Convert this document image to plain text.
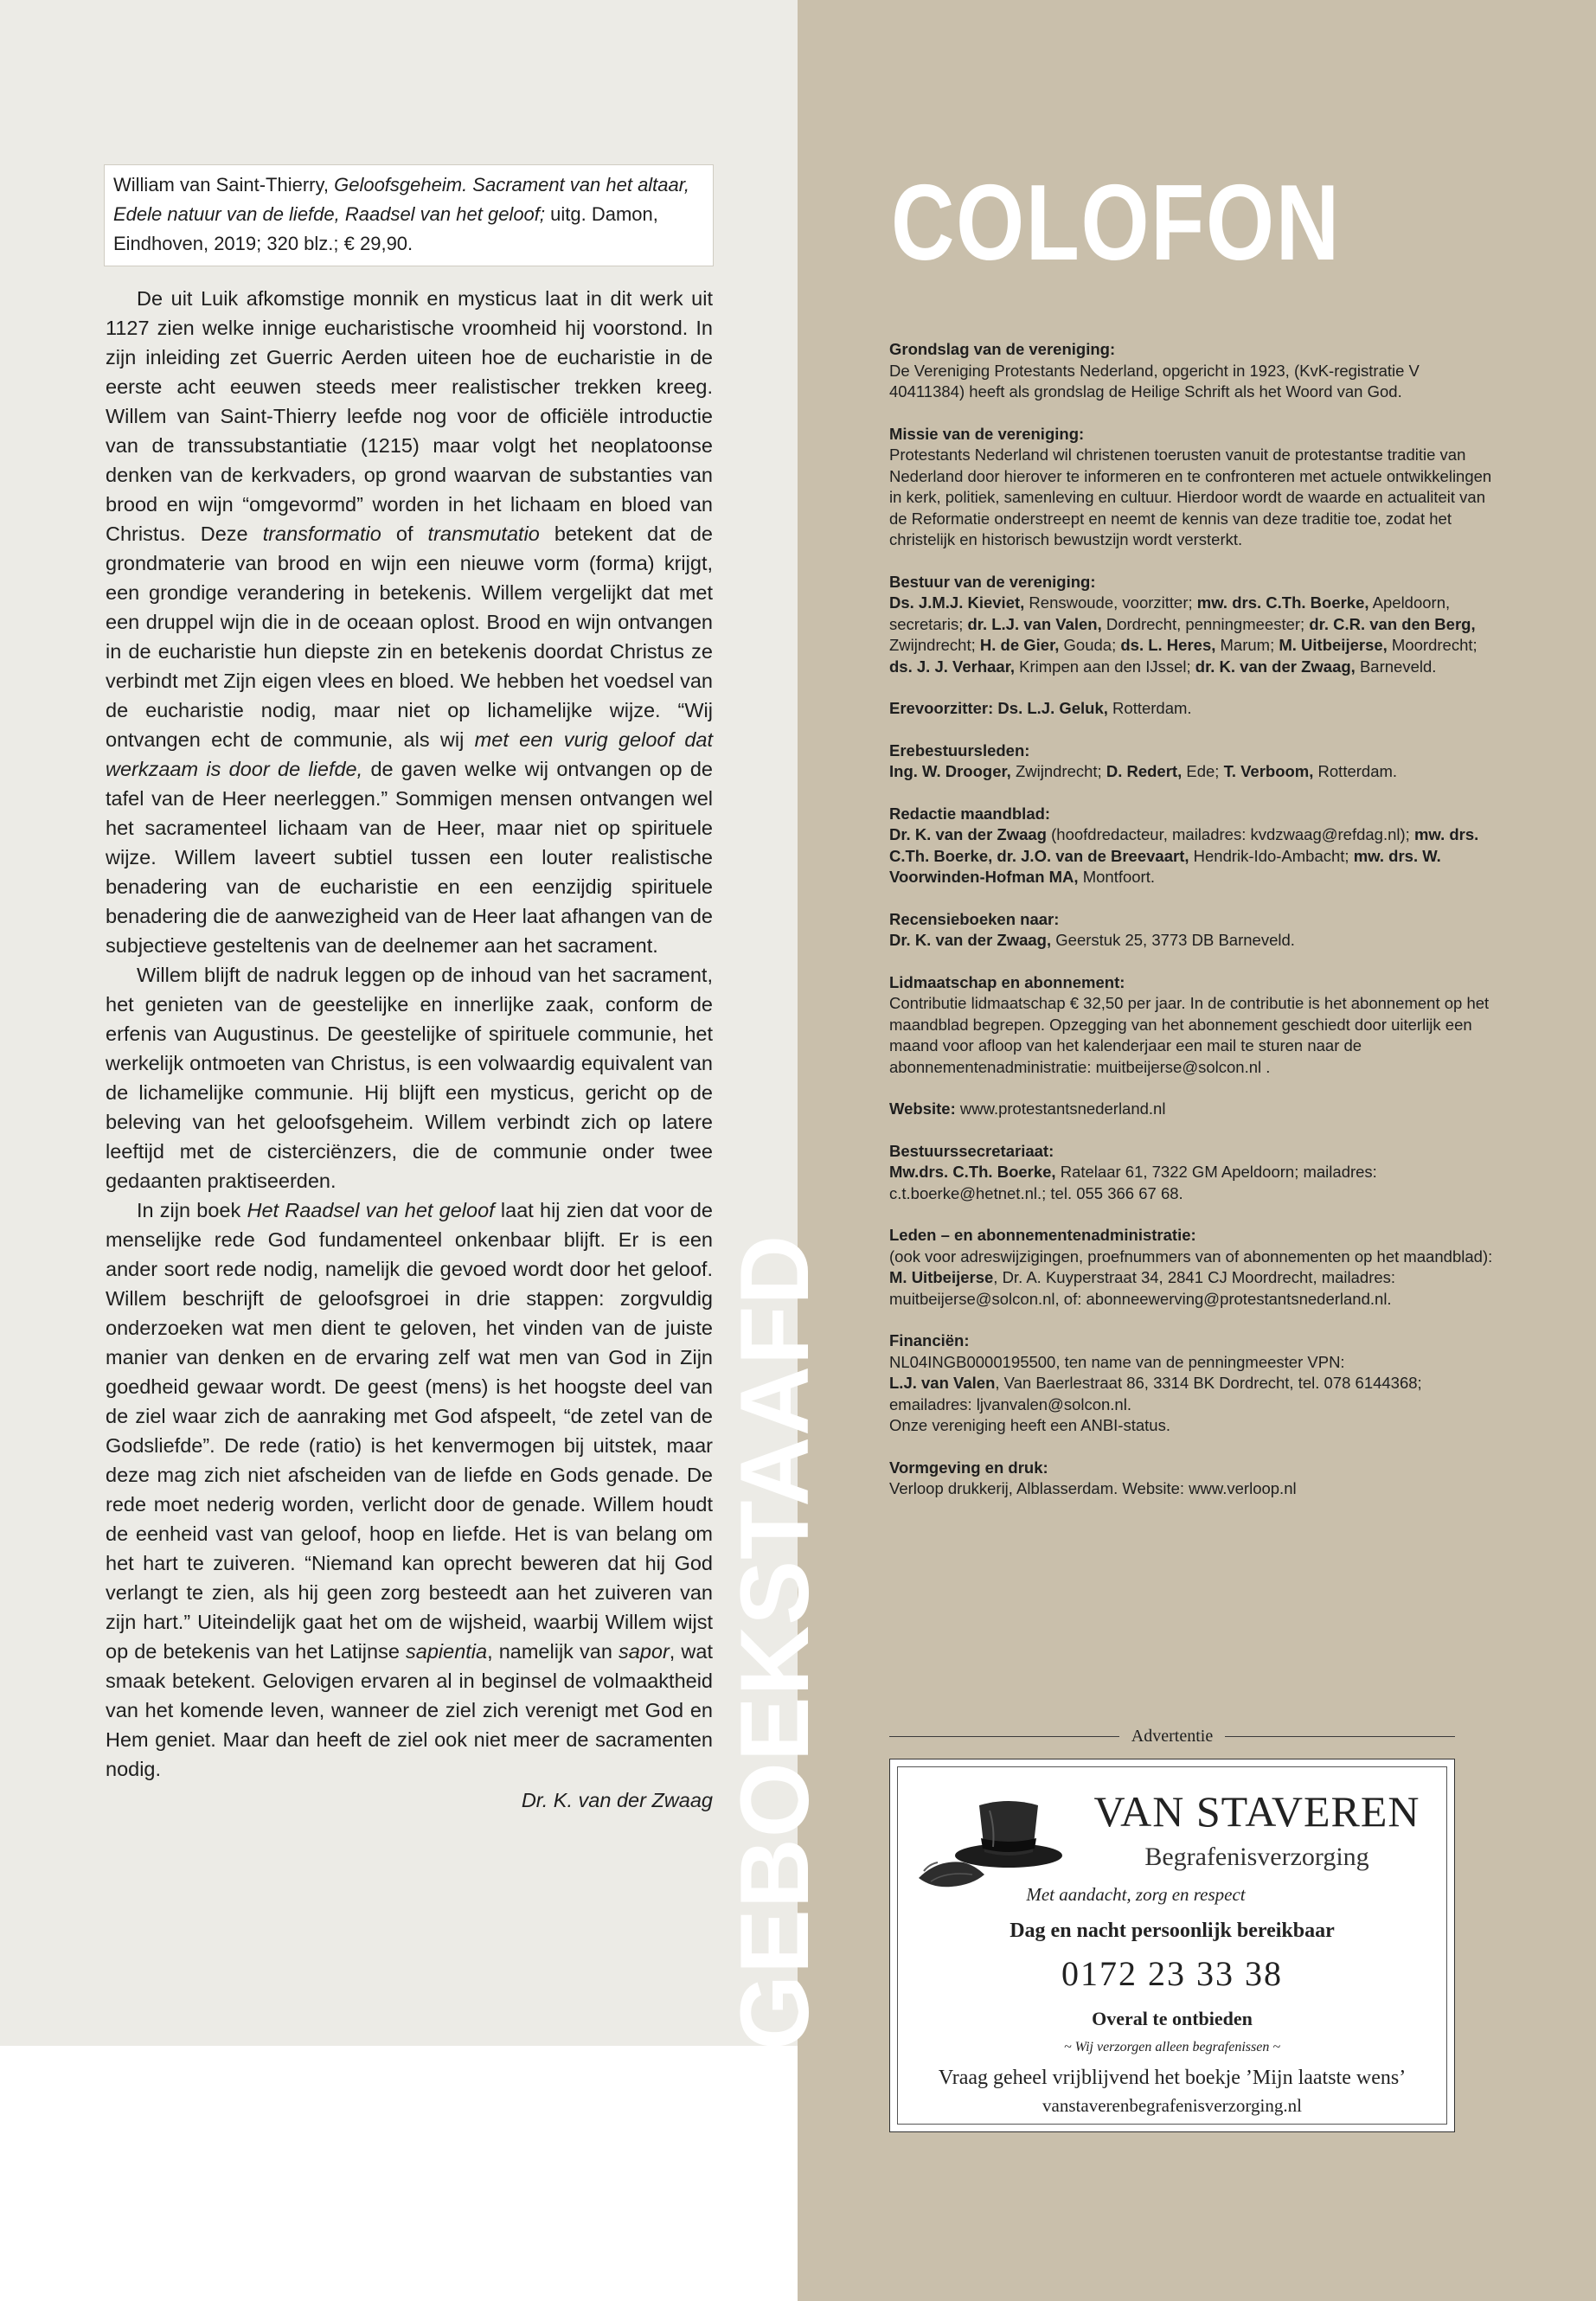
William van Saint-Thierry, Geloofsgeheim. Sacrament van het altaar, Edele natuur van de liefde, Raadsel van het geloof; uitg. Damon, Eindhoven, 2019; 320 blz.; € 29,90.

De uit Luik afkomstige monnik en mysticus laat in dit werk uit 1127 zien welke innige eucharistische vroomheid hij voorstond. In zijn inleiding zet Guerric Aerden uiteen hoe de eucharistie in de eerste acht eeuwen steeds meer realistischer trekken kreeg. Willem van Saint-Thierry leefde nog voor de officiële introductie van de transsubstantiatie (1215) maar volgt het neoplatoonse denken van de kerkvaders, op grond waarvan de substanties van brood en wijn “omgevormd” worden in het lichaam en bloed van Christus. Deze transformatio of transmutatio betekent dat de grondmaterie van brood en wijn een nieuwe vorm (forma) krijgt, een grondige verandering in betekenis. Willem vergelijkt dat met een druppel wijn die in de oceaan oplost. Brood en wijn ontvangen in de eucharistie hun diepste zin en betekenis doordat Christus ze verbindt met Zijn eigen vlees en bloed. We hebben het voedsel van de eucharistie nodig, maar niet op lichamelijke wijze. “Wij ontvangen echt de communie, als wij met een vurig geloof dat werkzaam is door de liefde, de gaven welke wij ontvangen op de tafel van de Heer neerleggen.” Sommigen mensen ontvangen wel het sacramenteel lichaam van de Heer, maar niet op spirituele wijze. Willem laveert subtiel tussen een louter realistische benadering van de eucharistie en een eenzijdig spirituele benadering die de aanwezigheid van de Heer laat afhangen van de subjectieve gesteltenis van de deelnemer aan het sacrament.

Willem blijft de nadruk leggen op de inhoud van het sacrament, het genieten van de geestelijke en innerlijke zaak, conform de erfenis van Augustinus. De geestelijke of spirituele communie, het werkelijk ontmoeten van Christus, is een volwaardig equivalent van de lichamelijke communie. Hij blijft een mysticus, gericht op de beleving van het geloofsgeheim. Willem verbindt zich op latere leeftijd met de cisterciënzers, die de communie onder twee gedaanten praktiseerden.

In zijn boek Het Raadsel van het geloof laat hij zien dat voor de menselijke rede God fundamenteel onkenbaar blijft. Er is een ander soort rede nodig, namelijk die gevoed wordt door het geloof. Willem beschrijft de geloofsgroei in drie stappen: zorgvuldig onderzoeken wat men dient te geloven, het vinden van de juiste manier van denken en de ervaring zelf wat men van God in Zijn goedheid gewaar wordt. De geest (mens) is het hoogste deel van de ziel waar zich de aanraking met God afspeelt, “de zetel van de Godsliefde”. De rede (ratio) is het kenvermogen bij uitstek, maar deze mag zich niet afscheiden van de liefde en Gods genade. De rede moet nederig worden, verlicht door de genade. Willem houdt de eenheid vast van geloof, hoop en liefde. Het is van belang om het hart te zuiveren. “Niemand kan oprecht beweren dat hij God verlangt te zien, als hij geen zorg besteedt aan het zuiveren van zijn hart.” Uiteindelijk gaat het om de wijsheid, waarbij Willem wijst op de betekenis van het Latijnse sapientia, namelijk van sapor, wat smaak betekent. Gelovigen ervaren al in beginsel de volmaaktheid van het komende leven, wanneer de ziel zich verenigt met God en Hem geniet. Maar dan heeft de ziel ook niet meer de sacramenten nodig.

Dr. K. van der Zwaag GEBOEKSTAAFD
COLOFON
Grondslag van de vereniging:
De Vereniging Protestants Nederland, opgericht in 1923, (KvK-registratie V 40411384) heeft als grondslag de Heilige Schrift als het Woord van God.
Missie van de vereniging:
Protestants Nederland wil christenen toerusten vanuit de protestantse traditie van Nederland door hierover te informeren en te confronteren met actuele ontwikkelingen in kerk, politiek, samenleving en cultuur. Hierdoor wordt de waarde en actualiteit van de Reformatie onderstreept en neemt de kennis van deze traditie toe, zodat het christelijk en historisch bewustzijn wordt versterkt.
Bestuur van de vereniging:
Ds. J.M.J. Kieviet, Renswoude, voorzitter; mw. drs. C.Th. Boerke, Apeldoorn, secretaris; dr. L.J. van Valen, Dordrecht, penningmeester; dr. C.R. van den Berg, Zwijndrecht; H. de Gier, Gouda; ds. L. Heres, Marum; M. Uitbeijerse, Moordrecht; ds. J. J. Verhaar, Krimpen aan den IJssel; dr. K. van der Zwaag, Barneveld.
Erevoorzitter: Ds. L.J. Geluk, Rotterdam.
Erebestuursleden:
Ing. W. Drooger, Zwijndrecht; D. Redert, Ede; T. Verboom, Rotterdam.
Redactie maandblad:
Dr. K. van der Zwaag (hoofdredacteur, mailadres: kvdzwaag@refdag.nl); mw. drs. C.Th. Boerke, dr. J.O. van de Breevaart, Hendrik-Ido-Ambacht; mw. drs. W. Voorwinden-Hofman MA, Montfoort.
Recensieboeken naar:
Dr. K. van der Zwaag, Geerstuk 25, 3773 DB Barneveld.
Lidmaatschap en abonnement:
Contributie lidmaatschap € 32,50 per jaar. In de contributie is het abonnement op het maandblad begrepen. Opzegging van het abonnement geschiedt door uiterlijk een maand voor afloop van het kalenderjaar een mail te sturen naar de abonnementenadministratie: muitbeijerse@solcon.nl .
Website: www.protestantsnederland.nl
Bestuurssecretariaat:
Mw.drs. C.Th. Boerke, Ratelaar 61, 7322 GM Apeldoorn; mailadres: c.t.boerke@hetnet.nl.; tel. 055 366 67 68.
Leden – en abonnementenadministratie:
(ook voor adreswijzigingen, proefnummers van of abonnementen op het maandblad):
M. Uitbeijerse, Dr. A. Kuyperstraat 34, 2841 CJ Moordrecht, mailadres: muitbeijerse@solcon.nl, of: abonneewerving@protestantsnederland.nl.
Financiën:
NL04INGB0000195500, ten name van de penningmeester VPN:
L.J. van Valen, Van Baerlestraat 86, 3314 BK Dordrecht, tel. 078 6144368; emailadres: ljvanvalen@solcon.nl.
Onze vereniging heeft een ANBI-status.
Vormgeving en druk:
Verloop drukkerij, Alblasserdam. Website: www.verloop.nl
Advertentie
VAN STAVEREN
Begrafenisverzorging
Met aandacht, zorg en respect
Dag en nacht persoonlijk bereikbaar
0172 23 33 38
Overal te ontbieden
~ Wij verzorgen alleen begrafenissen ~
Vraag geheel vrijblijvend het boekje ’Mijn laatste wens’
vanstaverenbegrafenisverzorging.nl
